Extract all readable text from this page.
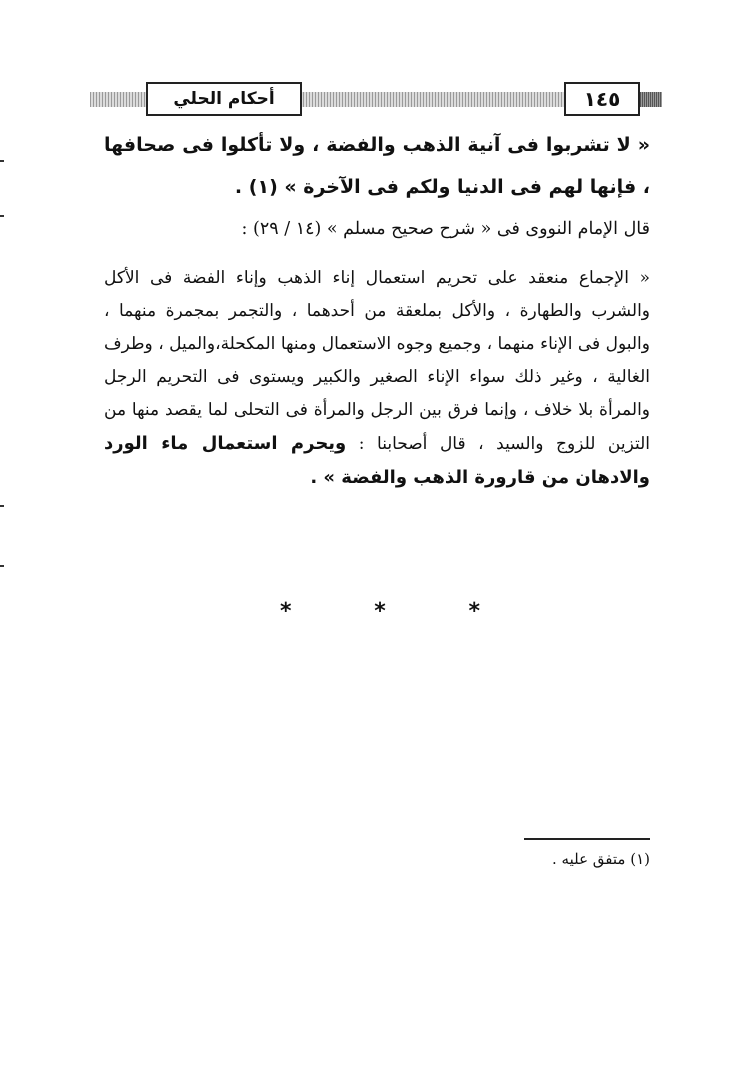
أحكام الحلي	١٤٥
« لا تشربوا فى آنية الذهب والفضة ، ولا تأكلوا فى صحافها ، فإنها لهم فى الدنيا ولكم فى الآخرة » (١) .
قال الإمام النووى فى « شرح صحيح مسلم » (١٤ / ٢٩) :
« الإجماع منعقد على تحريم استعمال إناء الذهب وإناء الفضة فى الأكل والشرب والطهارة ، والأكل بملعقة من أحدهما ، والتجمر بمجمرة منهما ، والبول فى الإناء منهما ، وجميع وجوه الاستعمال ومنها المكحلة،والميل ، وطرف الغالية ، وغير ذلك سواء الإناء الصغير والكبير ويستوى فى التحريم الرجل والمرأة بلا خلاف ، وإنما فرق بين الرجل والمرأة فى التحلى لما يقصد منها من التزين للزوج والسيد ، قال أصحابنا : ويحرم استعمال ماء الورد والادهان من قارورة الذهب والفضة » .
*	*	*
(١) متفق عليه .
